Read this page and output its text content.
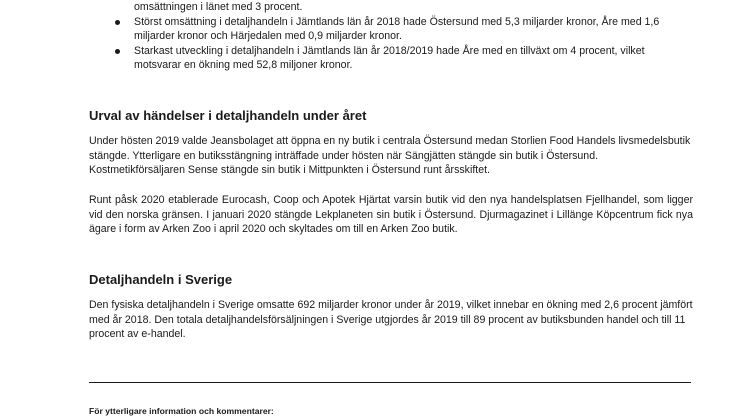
omsättningen i länet med 3 procent.
Störst omsättning i detaljhandeln i Jämtlands län år 2018 hade Östersund med 5,3 miljarder kronor, Åre med 1,6 miljarder kronor och Härjedalen med 0,9 miljarder kronor.
Starkast utveckling i detaljhandeln i Jämtlands län år 2018/2019 hade Åre med en tillväxt om 4 procent, vilket motsvarar en ökning med 52,8 miljoner kronor.
Urval av händelser i detaljhandeln under året

Under hösten 2019 valde Jeansbolaget att öppna en ny butik i centrala Östersund medan Storlien Food Handels livsmedelsbutik stängde. Ytterligare en butiksstängning inträffade under hösten när Sängjätten stängde sin butik i Östersund. Kostmetikförsäljaren Sense stängde sin butik i Mittpunkten i Östersund runt årsskiftet.

Runt påsk 2020 etablerade Eurocash, Coop och Apotek Hjärtat varsin butik vid den nya handelsplatsen Fjellhandel, som ligger vid den norska gränsen. I januari 2020 stängde Lekplaneten sin butik i Östersund. Djurmagazinet i Lillänge Köpcentrum fick nya ägare i form av Arken Zoo i april 2020 och skyltades om till en Arken Zoo butik.

Detaljhandeln i Sverige

Den fysiska detaljhandeln i Sverige omsatte 692 miljarder kronor under år 2019, vilket innebar en ökning med 2,6 procent jämfört med år 2018. Den totala detaljhandelsförsäljningen i Sverige utgjordes år 2019 till 89 procent av butiksbunden handel och till 11 procent av e-handel.

För ytterligare information och kommentarer:
